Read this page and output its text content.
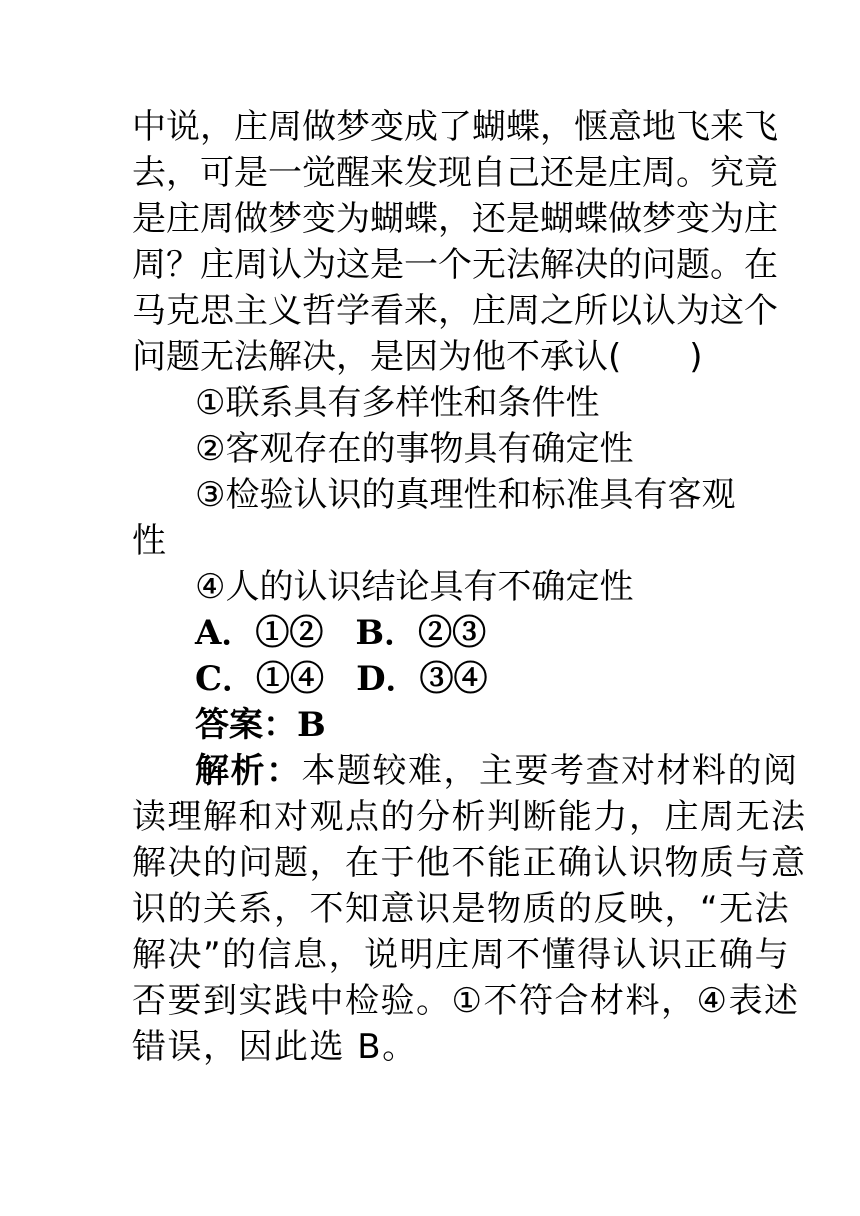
中说，庄周做梦变成了蝴蝶，惬意地飞来飞
去，可是一觉醒来发现自己还是庄周。究竟
是庄周做梦变为蝴蝶，还是蝴蝶做梦变为庄
周？庄周认为这是一个无法解决的问题。在
马克思主义哲学看来，庄周之所以认为这个
问题无法解决，是因为他不承认(　　)
①联系具有多样性和条件性
②客观存在的事物具有确定性
③检验认识的真理性和标准具有客观
性
④人的认识结论具有不确定性
A．①② B．②③
C．①④ D．③④
答案：B
解析：本题较难，主要考查对材料的阅
读理解和对观点的分析判断能力，庄周无法
解决的问题，在于他不能正确认识物质与意
识的关系，不知意识是物质的反映，“无法
解决”的信息，说明庄周不懂得认识正确与
否要到实践中检验。①不符合材料，④表述
错误，因此选 B。
